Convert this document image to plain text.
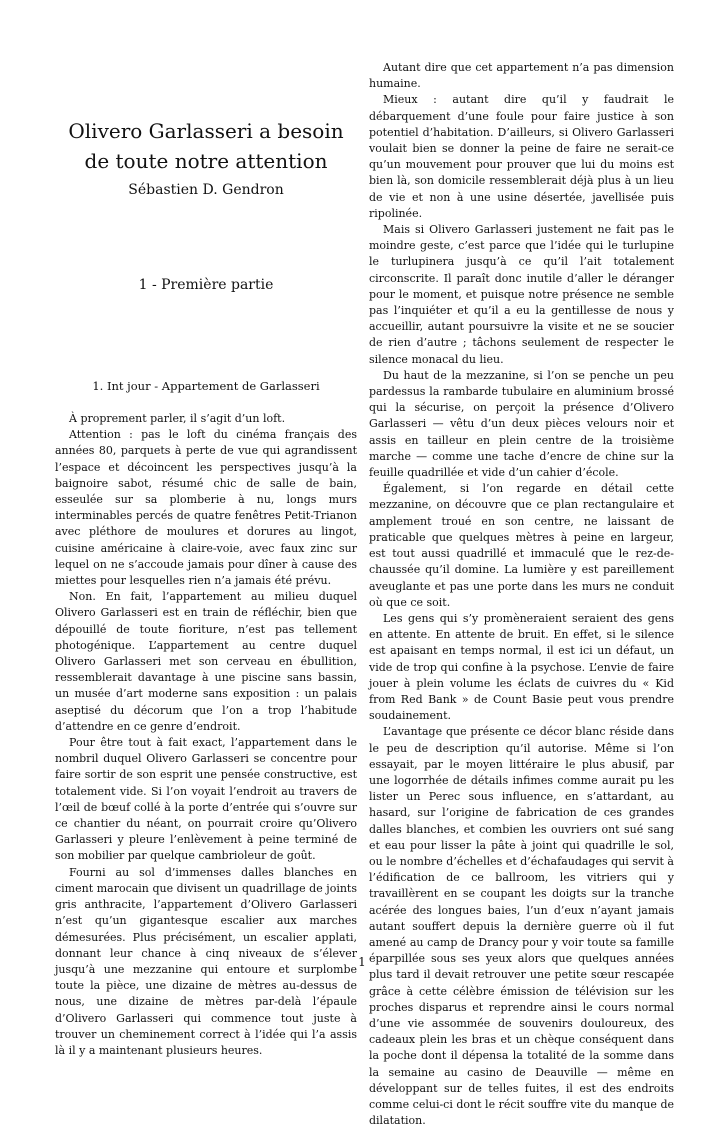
Olivero Garlasseri a besoin de toute notre attention
Sébastien D. Gendron
1 - Première partie
1. Int jour - Appartement de Garlasseri

À proprement parler, il s’agit d’un loft.

Attention : pas le loft du cinéma français des années 80, parquets à perte de vue qui agrandissent l’espace et décoincent les perspectives jusqu’à la baignoire sabot, résumé chic de salle de bain, esseulée sur sa plomberie à nu, longs murs interminables percés de quatre fenêtres Petit-Trianon avec pléthore de moulures et dorures au lingot, cuisine américaine à claire-voie, avec faux zinc sur lequel on ne s’accoude jamais pour dîner à cause des miettes pour lesquelles rien n’a jamais été prévu.

Non. En fait, l’appartement au milieu duquel Olivero Garlasseri est en train de réfléchir, bien que dépouillé de toute fioriture, n’est pas tellement photogénique. L’appartement au centre duquel Olivero Garlasseri met son cerveau en ébullition, ressemblerait davantage à une piscine sans bassin, un musée d’art moderne sans exposition : un palais aseptisé du décorum que l’on a trop l’habitude d’attendre en ce genre d’endroit.

Pour être tout à fait exact, l’appartement dans le nombril duquel Olivero Garlasseri se concentre pour faire sortir de son esprit une pensée constructive, est totalement vide. Si l’on voyait l’endroit au travers de l’œil de bœuf collé à la porte d’entrée qui s’ouvre sur ce chantier du néant, on pourrait croire qu’Olivero Garlasseri y pleure l’enlèvement à peine terminé de son mobilier par quelque cambrioleur de goût.

Fourni au sol d’immenses dalles blanches en ciment marocain que divisent un quadrillage de joints gris anthracite, l’appartement d’Olivero Garlasseri n’est qu’un gigantesque escalier aux marches démesurées. Plus précisément, un escalier applati, donnant leur chance à cinq niveaux de s’élever jusqu’à une mezzanine qui entoure et surplombe toute la pièce, une dizaine de mètres au-dessus de nous, une dizaine de mètres par-delà l’épaule d’Olivero Garlasseri qui commence tout juste à trouver un cheminement correct à l’idée qui l’a assis là il y a maintenant plusieurs heures.

Autant dire que cet appartement n’a pas dimension humaine.

Mieux : autant dire qu’il y faudrait le débarquement d’une foule pour faire justice à son potentiel d’habitation. D’ailleurs, si Olivero Garlasseri voulait bien se donner la peine de faire ne serait-ce qu’un mouvement pour prouver que lui du moins est bien là, son domicile ressemblerait déjà plus à un lieu de vie et non à une usine désertée, javellisée puis ripolinée.

Mais si Olivero Garlasseri justement ne fait pas le moindre geste, c’est parce que l’idée qui le turlupine le turlupinera jusqu’à ce qu’il l’ait totalement circonscrite. Il paraît donc inutile d’aller le déranger pour le moment, et puisque notre présence ne semble pas l’inquiéter et qu’il a eu la gentillesse de nous y accueillir, autant poursuivre la visite et ne se soucier de rien d’autre ; tâchons seulement de respecter le silence monacal du lieu.

Du haut de la mezzanine, si l’on se penche un peu pardessus la rambarde tubulaire en aluminium brossé qui la sécurise, on perçoit la présence d’Olivero Garlasseri — vêtu d’un deux pièces velours noir et assis en tailleur en plein centre de la troisième marche — comme une tache d’encre de chine sur la feuille quadrillée et vide d’un cahier d’école.

Également, si l’on regarde en détail cette mezzanine, on découvre que ce plan rectangulaire et amplement troué en son centre, ne laissant de praticable que quelques mètres à peine en largeur, est tout aussi quadrillé et immaculé que le rez-de-chaussée qu’il domine. La lumière y est pareillement aveuglante et pas une porte dans les murs ne conduit où que ce soit.

Les gens qui s’y promèneraient seraient des gens en attente. En attente de bruit. En effet, si le silence est apaisant en temps normal, il est ici un défaut, un vide de trop qui confine à la psychose. L’envie de faire jouer à plein volume les éclats de cuivres du « Kid from Red Bank » de Count Basie peut vous prendre soudainement.

L’avantage que présente ce décor blanc réside dans le peu de description qu’il autorise. Même si l’on essayait, par le moyen littéraire le plus abusif, par une logorrhée de détails infimes comme aurait pu les lister un Perec sous influence, en s’attardant, au hasard, sur l’origine de fabrication de ces grandes dalles blanches, et combien les ouvriers ont sué sang et eau pour lisser la pâte à joint qui quadrille le sol, ou le nombre d’échelles et d’échafaudages qui servit à l’édification de ce ballroom, les vitriers qui y travaillèrent en se coupant les doigts sur la tranche acérée des longues baies, l’un d’eux n’ayant jamais autant souffert depuis la dernière guerre où il fut amené au camp de Drancy pour y voir toute sa famille éparpillée sous ses yeux alors que quelques années plus tard il devait retrouver une petite sœur rescapée grâce à cette célèbre émission de télévision sur les proches disparus et reprendre ainsi le cours normal d’une vie assommée de souvenirs douloureux, des cadeaux plein les bras et un chèque conséquent dans la poche dont il dépensa la totalité de la somme dans la semaine au casino de Deauville — même en développant sur de telles fuites, il est des endroits comme celui-ci dont le récit souffre vite du manque de dilatation.

1
